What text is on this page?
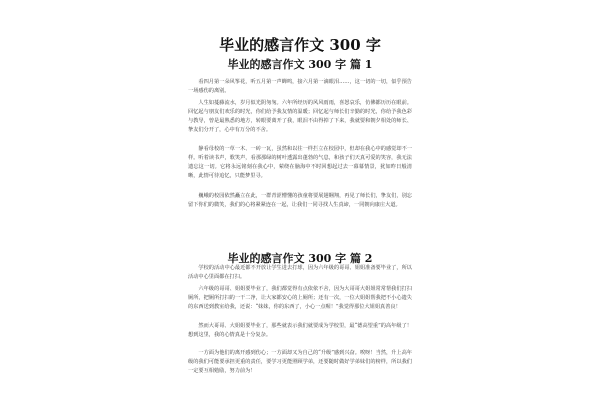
毕业的感言作文 300 字
毕业的感言作文 300 字 篇 1

看四月第一朵风筝花，听五月第一声蝉鸣，接六月第一滴眼泪……，这一切的一切，似乎预告一场感伤的离别。

人生如蔓藤流水，岁月似光阴匆匆。六年所经历的风风雨雨，喜怒哀乐，仿佛都历历在眼前。回忆起与朋友们欢乐的时光，你们给予我友情的温暖；回忆起与师长们辛勤的时光，你给予我色彩与教导，曾是最熟悉的地方，转眼要离开了我，眼泪不由得掉了下来，我就要和朝夕相处的师长、挚友们分开了，心中有万分的不舍。

静看母校的一草一木、一砖一瓦，虽然和以往一样拦立在校园中，但却在我心中的感觉却不一样。听着读书声，歌笑声，看那那绿的树叶透露出蓬勃的气息，和孩子们天真可爱的笑容，我无法遗忘这一切。它将永远铭刻在我心中，萦绕在脑海中不时回想起过去一幕幕情景，犹如昨日般清晰，此情可待追忆，只能梦里寻。

巍峨的校园依然矗立在此，一群青涩懵懂的孩童将要展翅翱翔，再见了师长们，挚友们，别忘留下你们的微笑，我们的心将紧紧连在一起，让我们一同寻找人生真谛，一同朝向康庄大道。

毕业的感言作文 300 字 篇 2

学校的活动中心最近都不开放让学生进去打球，因为六年级的哥哥、姐姐准备要毕业了，所以活动中心里面都在打扫。

六年级的哥哥、姐姐要毕业了，我们都觉得有点依依不舍，因为大哥哥大姐姐常常帮我们打扫厕所，把厕所打扫的一干二净，让大家都安心的上厕所；还有一次，一位大姐姐帮我把不小心遗失的东西送到教室给我，还说：“妹妹，你的东西了，小心一点喔！”我觉得那位大姐姐真善良！

然而大哥哥、大姐姐要毕业了，那些就表示我们就要成为学校里，最“德高望重”的高年级了！想到这里，我的心情真是十分复杂。

一方面为他们的离开感到伤心；一方面却又为自己的“升级”感到兴奋。唉呀！当然，升上高年级的我们可能要承担更重的责任，要学习更能照顾学弟，还要随时做好学弟妹们的榜样，所以我们一定要互相勉励，努力前为！
